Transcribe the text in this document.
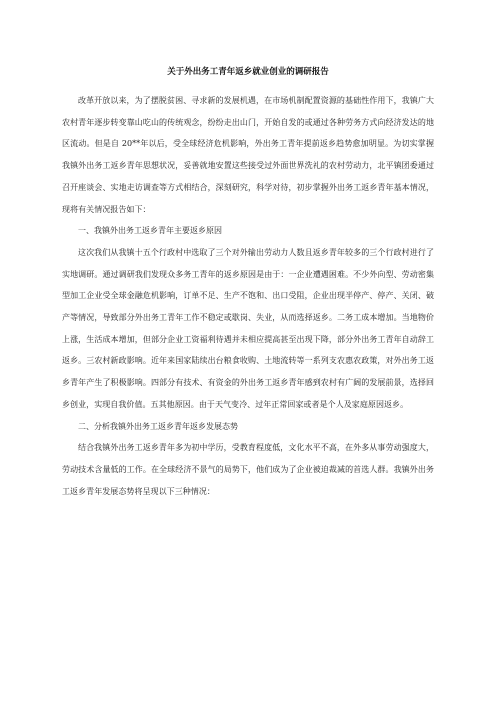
关于外出务工青年返乡就业创业的调研报告

改革开放以来，为了摆脱贫困、寻求新的发展机遇，在市场机制配置资源的基础性作用下，我镇广大农村青年逐步转变靠山吃山的传统观念，纷纷走出山门，开始自发的或通过各种劳务方式向经济发达的地区流动。但是自 20**年以后，受全球经济危机影响，外出务工青年提前返乡趋势愈加明显。为切实掌握我镇外出务工返乡青年思想状况，妥善就地安置这些接受过外面世界洗礼的农村劳动力，北平镇团委通过召开座谈会、实地走访调查等方式相结合，深刻研究，科学对待，初步掌握外出务工返乡青年基本情况，现将有关情况报告如下：

一、我镇外出务工返乡青年主要返乡原因

这次我们从我镇十五个行政村中选取了三个对外输出劳动力人数且返乡青年较多的三个行政村进行了实地调研。通过调研我们发现众多务工青年的返乡原因是由于：一企业遭遇困难。不少外向型、劳动密集型加工企业受全球金融危机影响，订单不足、生产不饱和、出口受阻，企业出现半停产、停产、关闭、破产等情况，导致部分外出务工青年工作不稳定或歇岗、失业，从而选择返乡。二务工成本增加。当地物价上涨，生活成本增加，但部分企业工资福利待遇并未相应提高甚至出现下降，部分外出务工青年自动辞工返乡。三农村新政影响。近年来国家陆续出台粮食收购、土地流转等一系列支农惠农政策，对外出务工返乡青年产生了积极影响。四部分有技术、有资金的外出务工返乡青年感到农村有广阔的发展前景，选择回乡创业，实现自我价值。五其他原因。由于天气变冷、过年正常回家或者是个人及家庭原因返乡。

二、分析我镇外出务工返乡青年返乡发展态势

结合我镇外出务工返乡青年多为初中学历，受教育程度低，文化水平不高，在外多从事劳动强度大，劳动技术含量低的工作。在全球经济不景气的局势下，他们成为了企业被迫裁减的首选人群。我镇外出务工返乡青年发展态势将呈现以下三种情况：
